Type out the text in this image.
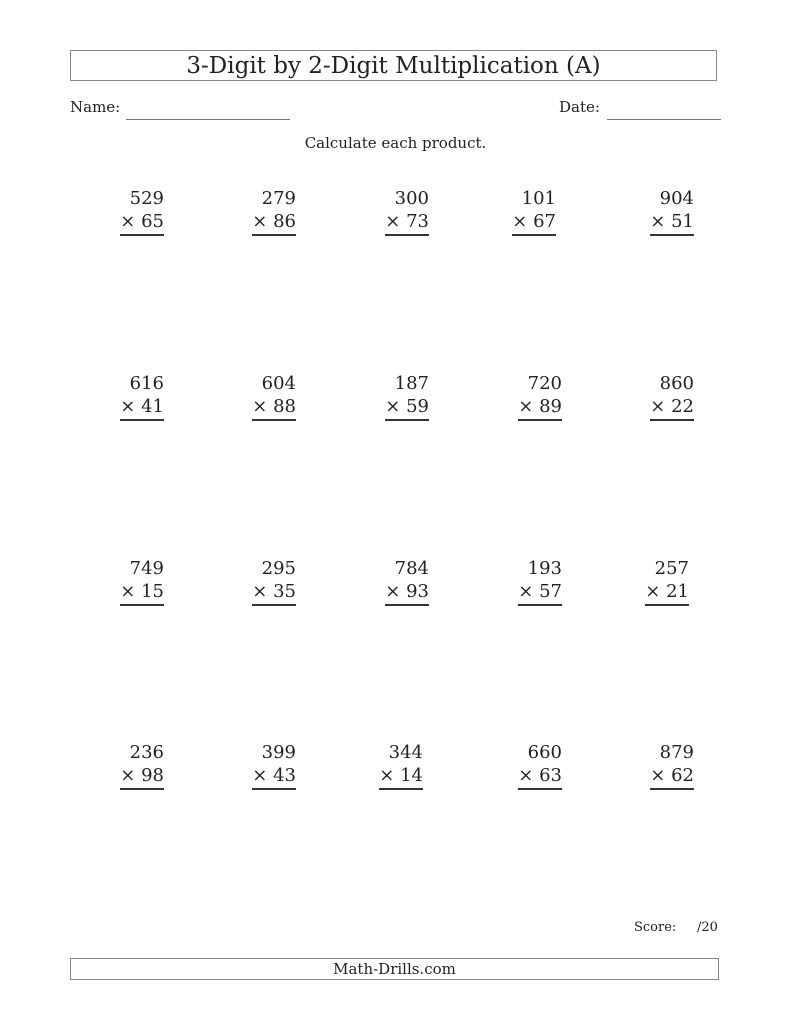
3-Digit by 2-Digit Multiplication (A)
Name:	Date:
Calculate each product.
529
× 65
279
× 86
300
× 73
101
× 67
904
× 51
616
× 41
604
× 88
187
× 59
720
× 89
860
× 22
749
× 15
295
× 35
784
× 93
193
× 57
257
× 21
236
× 98
399
× 43
344
× 14
660
× 63
879
× 62
Score: /20
Math-Drills.com
